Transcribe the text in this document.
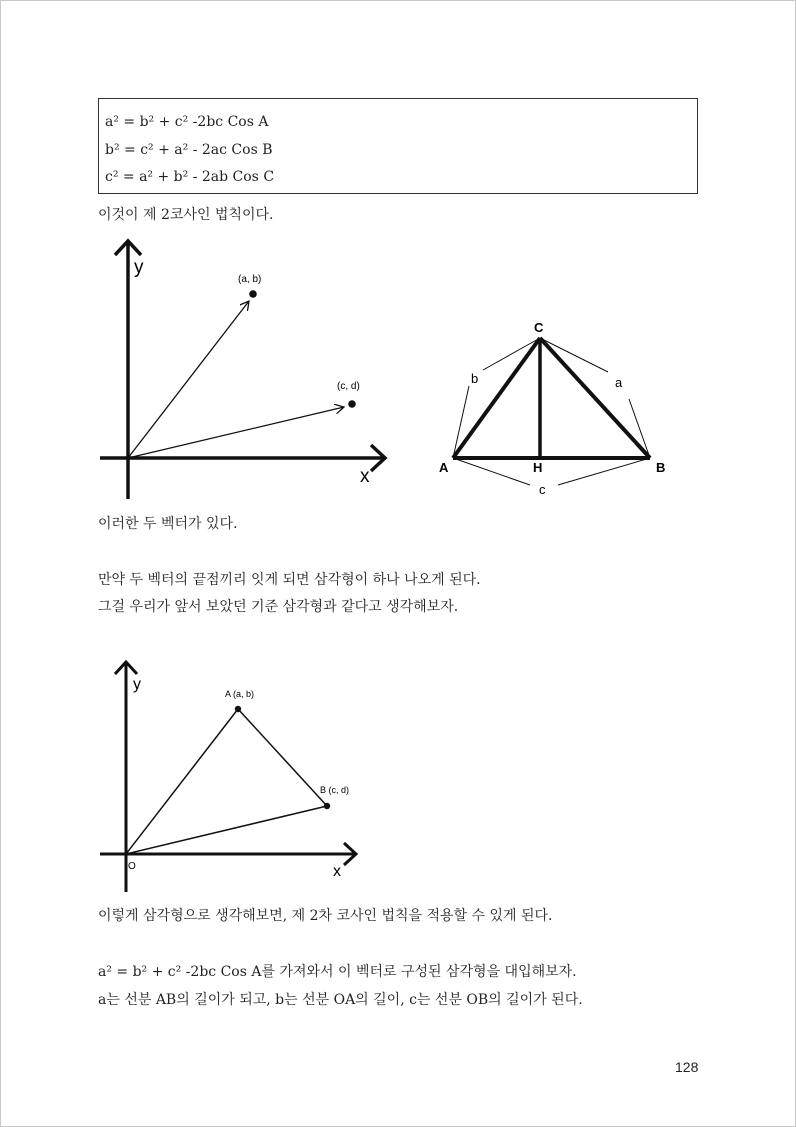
a² = b² + c² -2bc Cos A
b² = c² + a² - 2ac Cos B
c² = a² + b² - 2ab Cos C
이것이 제 2코사인 법칙이다.
y
x
(a, b)
(c, d)
C
A	B
H
b	a
c
이러한 두 벡터가 있다.
만약 두 벡터의 끝점끼리 잇게 되면 삼각형이 하나 나오게 된다.
그걸 우리가 앞서 보았던 기준 삼각형과 같다고 생각해보자.
y
x
O
A (a, b)
B (c, d)
이렇게 삼각형으로 생각해보면, 제 2차 코사인 법칙을 적용할 수 있게 된다.
a² = b² + c² -2bc Cos A를 가져와서 이 벡터로 구성된 삼각형을 대입해보자.
a는 선분 AB의 길이가 되고, b는 선분 OA의 길이, c는 선분 OB의 길이가 된다.
128
